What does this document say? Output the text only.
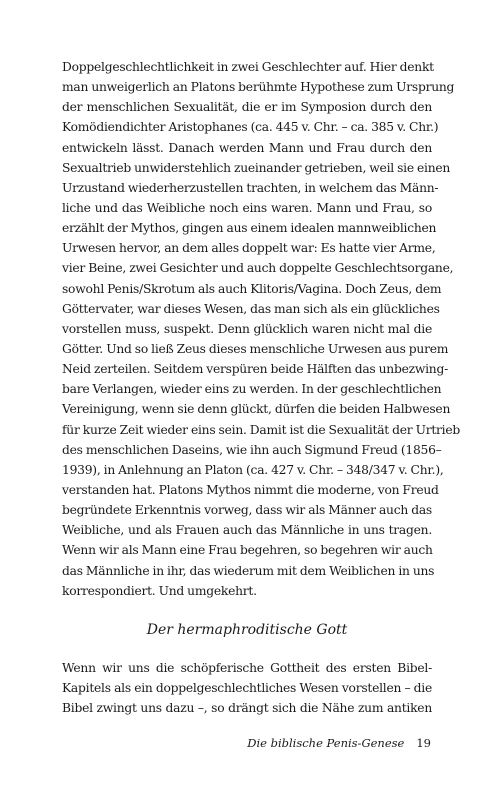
Doppelgeschlechtlichkeit in zwei Geschlechter auf. Hier denkt
man unweigerlich an Platons berühmte Hypothese zum Ursprung
der menschlichen Sexualität, die er im Symposion durch den
Komödiendichter Aristophanes (ca. 445 v. Chr. – ca. 385 v. Chr.)
entwickeln lässt. Danach werden Mann und Frau durch den
Sexualtrieb unwiderstehlich zueinander getrieben, weil sie einen
Urzustand wiederherzustellen trachten, in welchem das Männ-
liche und das Weibliche noch eins waren. Mann und Frau, so
erzählt der Mythos, gingen aus einem idealen mannweiblichen
Urwesen hervor, an dem alles doppelt war: Es hatte vier Arme,
vier Beine, zwei Gesichter und auch doppelte Geschlechtsorgane,
sowohl Penis/Skrotum als auch Klitoris/Vagina. Doch Zeus, dem
Göttervater, war dieses Wesen, das man sich als ein glückliches
vorstellen muss, suspekt. Denn glücklich waren nicht mal die
Götter. Und so ließ Zeus dieses menschliche Urwesen aus purem
Neid zerteilen. Seitdem verspüren beide Hälften das unbezwing-
bare Verlangen, wieder eins zu werden. In der geschlechtlichen
Vereinigung, wenn sie denn glückt, dürfen die beiden Halbwesen
für kurze Zeit wieder eins sein. Damit ist die Sexualität der Urtrieb
des menschlichen Daseins, wie ihn auch Sigmund Freud (1856–
1939), in Anlehnung an Platon (ca. 427 v. Chr. – 348/347 v. Chr.),
verstanden hat. Platons Mythos nimmt die moderne, von Freud
begründete Erkenntnis vorweg, dass wir als Männer auch das
Weibliche, und als Frauen auch das Männliche in uns tragen.
Wenn wir als Mann eine Frau begehren, so begehren wir auch
das Männliche in ihr, das wiederum mit dem Weiblichen in uns
korrespondiert. Und umgekehrt.
Der hermaphroditische Gott
Wenn wir uns die schöpferische Gottheit des ersten Bibel-
Kapitels als ein doppelgeschlechtliches Wesen vorstellen – die
Bibel zwingt uns dazu –, so drängt sich die Nähe zum antiken
Die biblische Penis-Genese 19
